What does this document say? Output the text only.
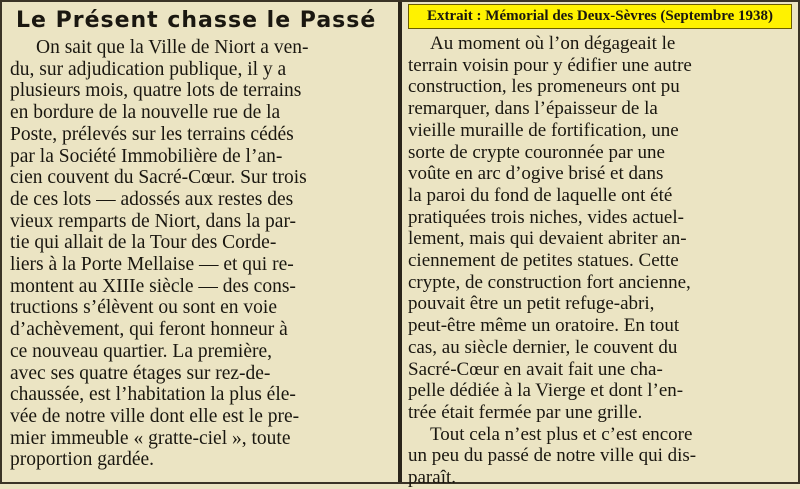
Le Présent chasse le Passé
On sait que la Ville de Niort a ven-
du, sur adjudication publique, il y a
plusieurs mois, quatre lots de terrains
en bordure de la nouvelle rue de la
Poste, prélevés sur les terrains cédés
par la Société Immobilière de l’an-
cien couvent du Sacré-Cœur. Sur trois
de ces lots — adossés aux restes des
vieux remparts de Niort, dans la par-
tie qui allait de la Tour des Corde-
liers à la Porte Mellaise — et qui re-
montent au XIIIe siècle — des cons-
tructions s’élèvent ou sont en voie
d’achèvement, qui feront honneur à
ce nouveau quartier. La première,
avec ses quatre étages sur rez-de-
chaussée, est l’habitation la plus éle-
vée de notre ville dont elle est le pre-
mier immeuble « gratte-ciel », toute
proportion gardée.
Extrait : Mémorial des Deux-Sèvres (Septembre 1938)
Au moment où l’on dégageait le
terrain voisin pour y édifier une autre
construction, les promeneurs ont pu
remarquer, dans l’épaisseur de la
vieille muraille de fortification, une
sorte de crypte couronnée par une
voûte en arc d’ogive brisé et dans
la paroi du fond de laquelle ont été
pratiquées trois niches, vides actuel-
lement, mais qui devaient abriter an-
ciennement de petites statues. Cette
crypte, de construction fort ancienne,
pouvait être un petit refuge-abri,
peut-être même un oratoire. En tout
cas, au siècle dernier, le couvent du
Sacré-Cœur en avait fait une cha-
pelle dédiée à la Vierge et dont l’en-
trée était fermée par une grille.
Tout cela n’est plus et c’est encore
un peu du passé de notre ville qui dis-
paraît.
